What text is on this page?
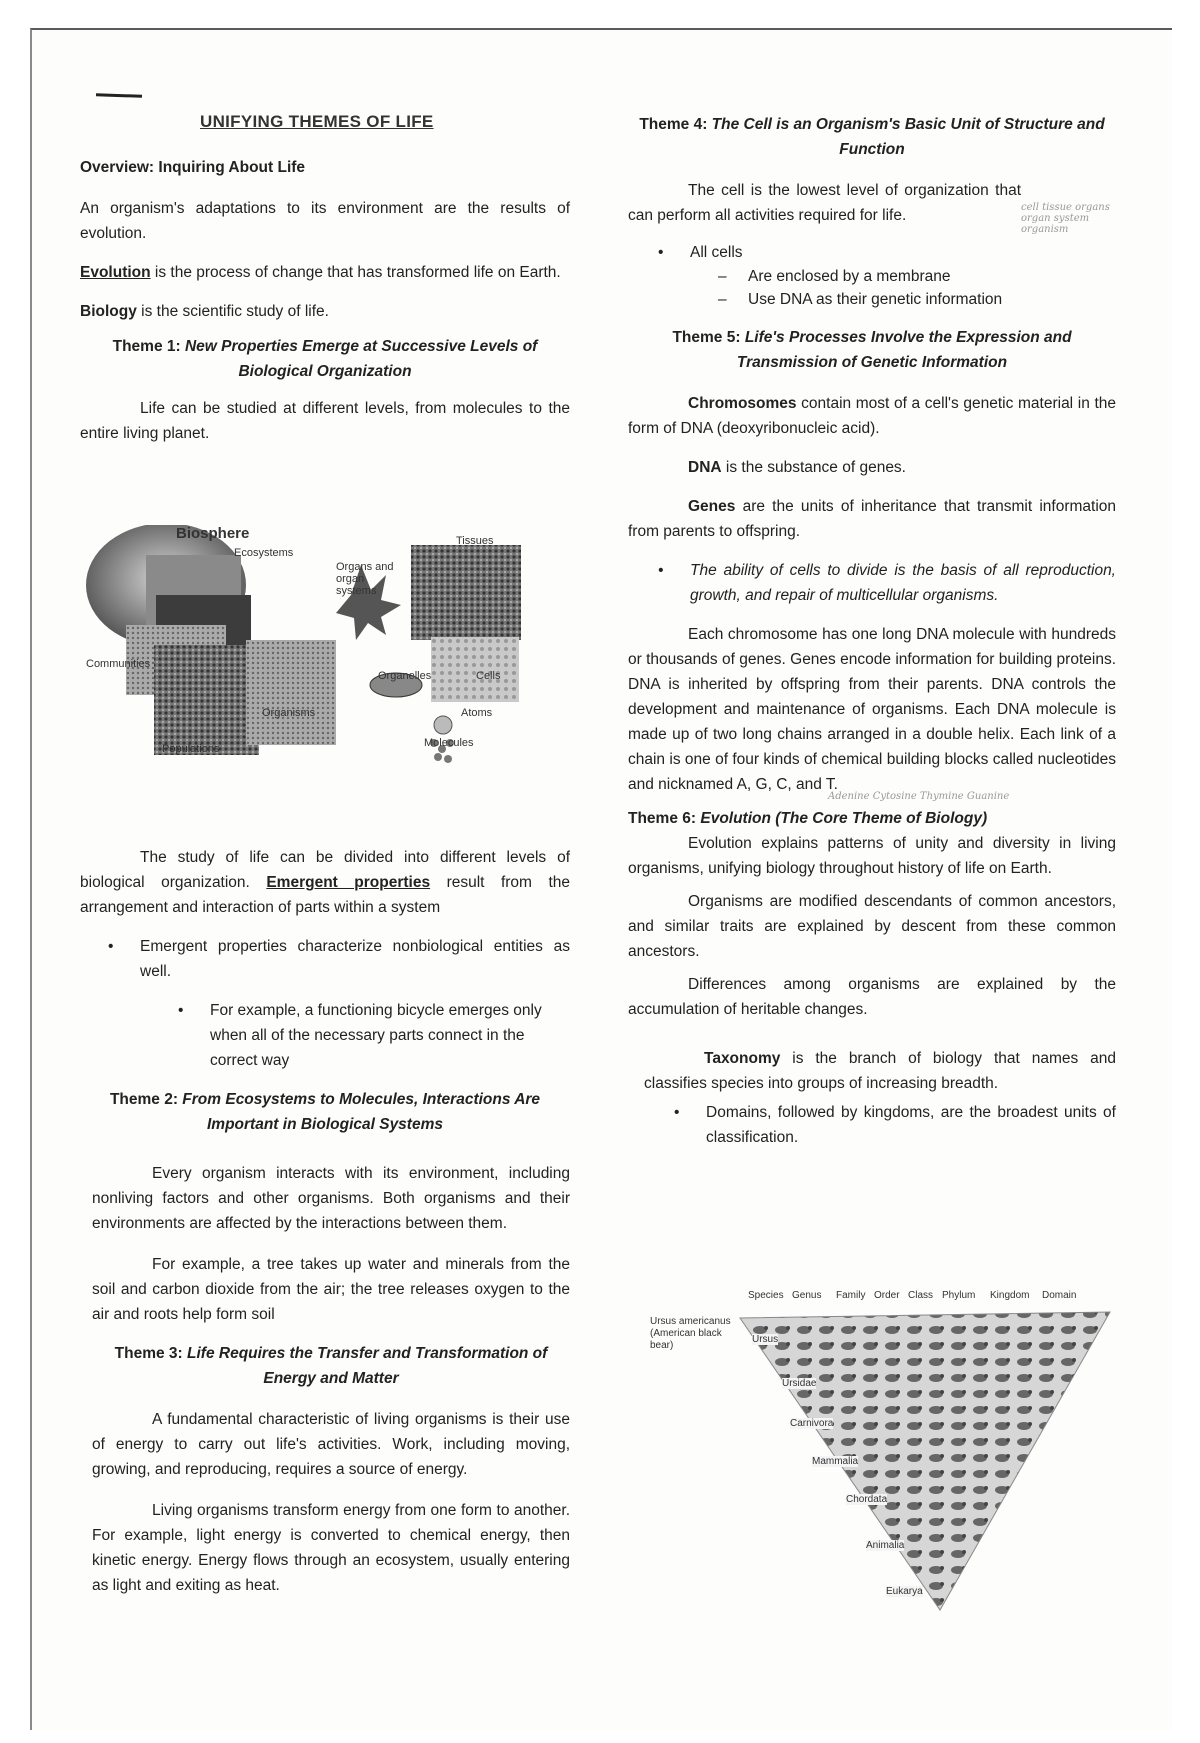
UNIFYING THEMES OF LIFE

Overview: Inquiring About Life

An organism's adaptations to its environment are the results of evolution.

Evolution is the process of change that has transformed life on Earth.

Biology is the scientific study of life.

Theme 1: New Properties Emerge at Successive Levels of Biological Organization

Life can be studied at different levels, from molecules to the entire living planet.

Biosphere
Ecosystems
Tissues
Organs and organ systems
Communities
Organelles	Cells
Atoms
Organisms
Populations	Molecules

The study of life can be divided into different levels of biological organization. Emergent properties result from the arrangement and interaction of parts within a system

• Emergent properties characterize nonbiological entities as well.
• For example, a functioning bicycle emerges only when all of the necessary parts connect in the correct way

Theme 2: From Ecosystems to Molecules, Interactions Are Important in Biological Systems

Every organism interacts with its environment, including nonliving factors and other organisms. Both organisms and their environments are affected by the interactions between them.

For example, a tree takes up water and minerals from the soil and carbon dioxide from the air; the tree releases oxygen to the air and roots help form soil

Theme 3: Life Requires the Transfer and Transformation of Energy and Matter

A fundamental characteristic of living organisms is their use of energy to carry out life's activities. Work, including moving, growing, and reproducing, requires a source of energy.

Living organisms transform energy from one form to another. For example, light energy is converted to chemical energy, then kinetic energy. Energy flows through an ecosystem, usually entering as light and exiting as heat.

Theme 4: The Cell is an Organism's Basic Unit of Structure and Function

The cell is the lowest level of organization that can perform all activities required for life.	cell tissue organs organ system organism
• All cells
– Are enclosed by a membrane
– Use DNA as their genetic information

Theme 5: Life's Processes Involve the Expression and Transmission of Genetic Information

Chromosomes contain most of a cell's genetic material in the form of DNA (deoxyribonucleic acid).

DNA is the substance of genes.

Genes are the units of inheritance that transmit information from parents to offspring.

• The ability of cells to divide is the basis of all reproduction, growth, and repair of multicellular organisms.

Each chromosome has one long DNA molecule with hundreds or thousands of genes. Genes encode information for building proteins. DNA is inherited by offspring from their parents. DNA controls the development and maintenance of organisms. Each DNA molecule is made up of two long chains arranged in a double helix. Each link of a chain is one of four kinds of chemical building blocks called nucleotides and nicknamed A, G, C, and T.

Adenine Cytosine Thymine Guanine

Theme 6: Evolution (The Core Theme of Biology)

Evolution explains patterns of unity and diversity in living organisms, unifying biology throughout history of life on Earth.

Organisms are modified descendants of common ancestors, and similar traits are explained by descent from these common ancestors.

Differences among organisms are explained by the accumulation of heritable changes.

Taxonomy is the branch of biology that names and classifies species into groups of increasing breadth.

• Domains, followed by kingdoms, are the broadest units of classification.
Species Genus Family Order Class Phylum Kingdom Domain
Ursus americanus (American black bear)
Ursus
Ursidae
Carnivora
Mammalia
Chordata
Animalia
Eukarya
